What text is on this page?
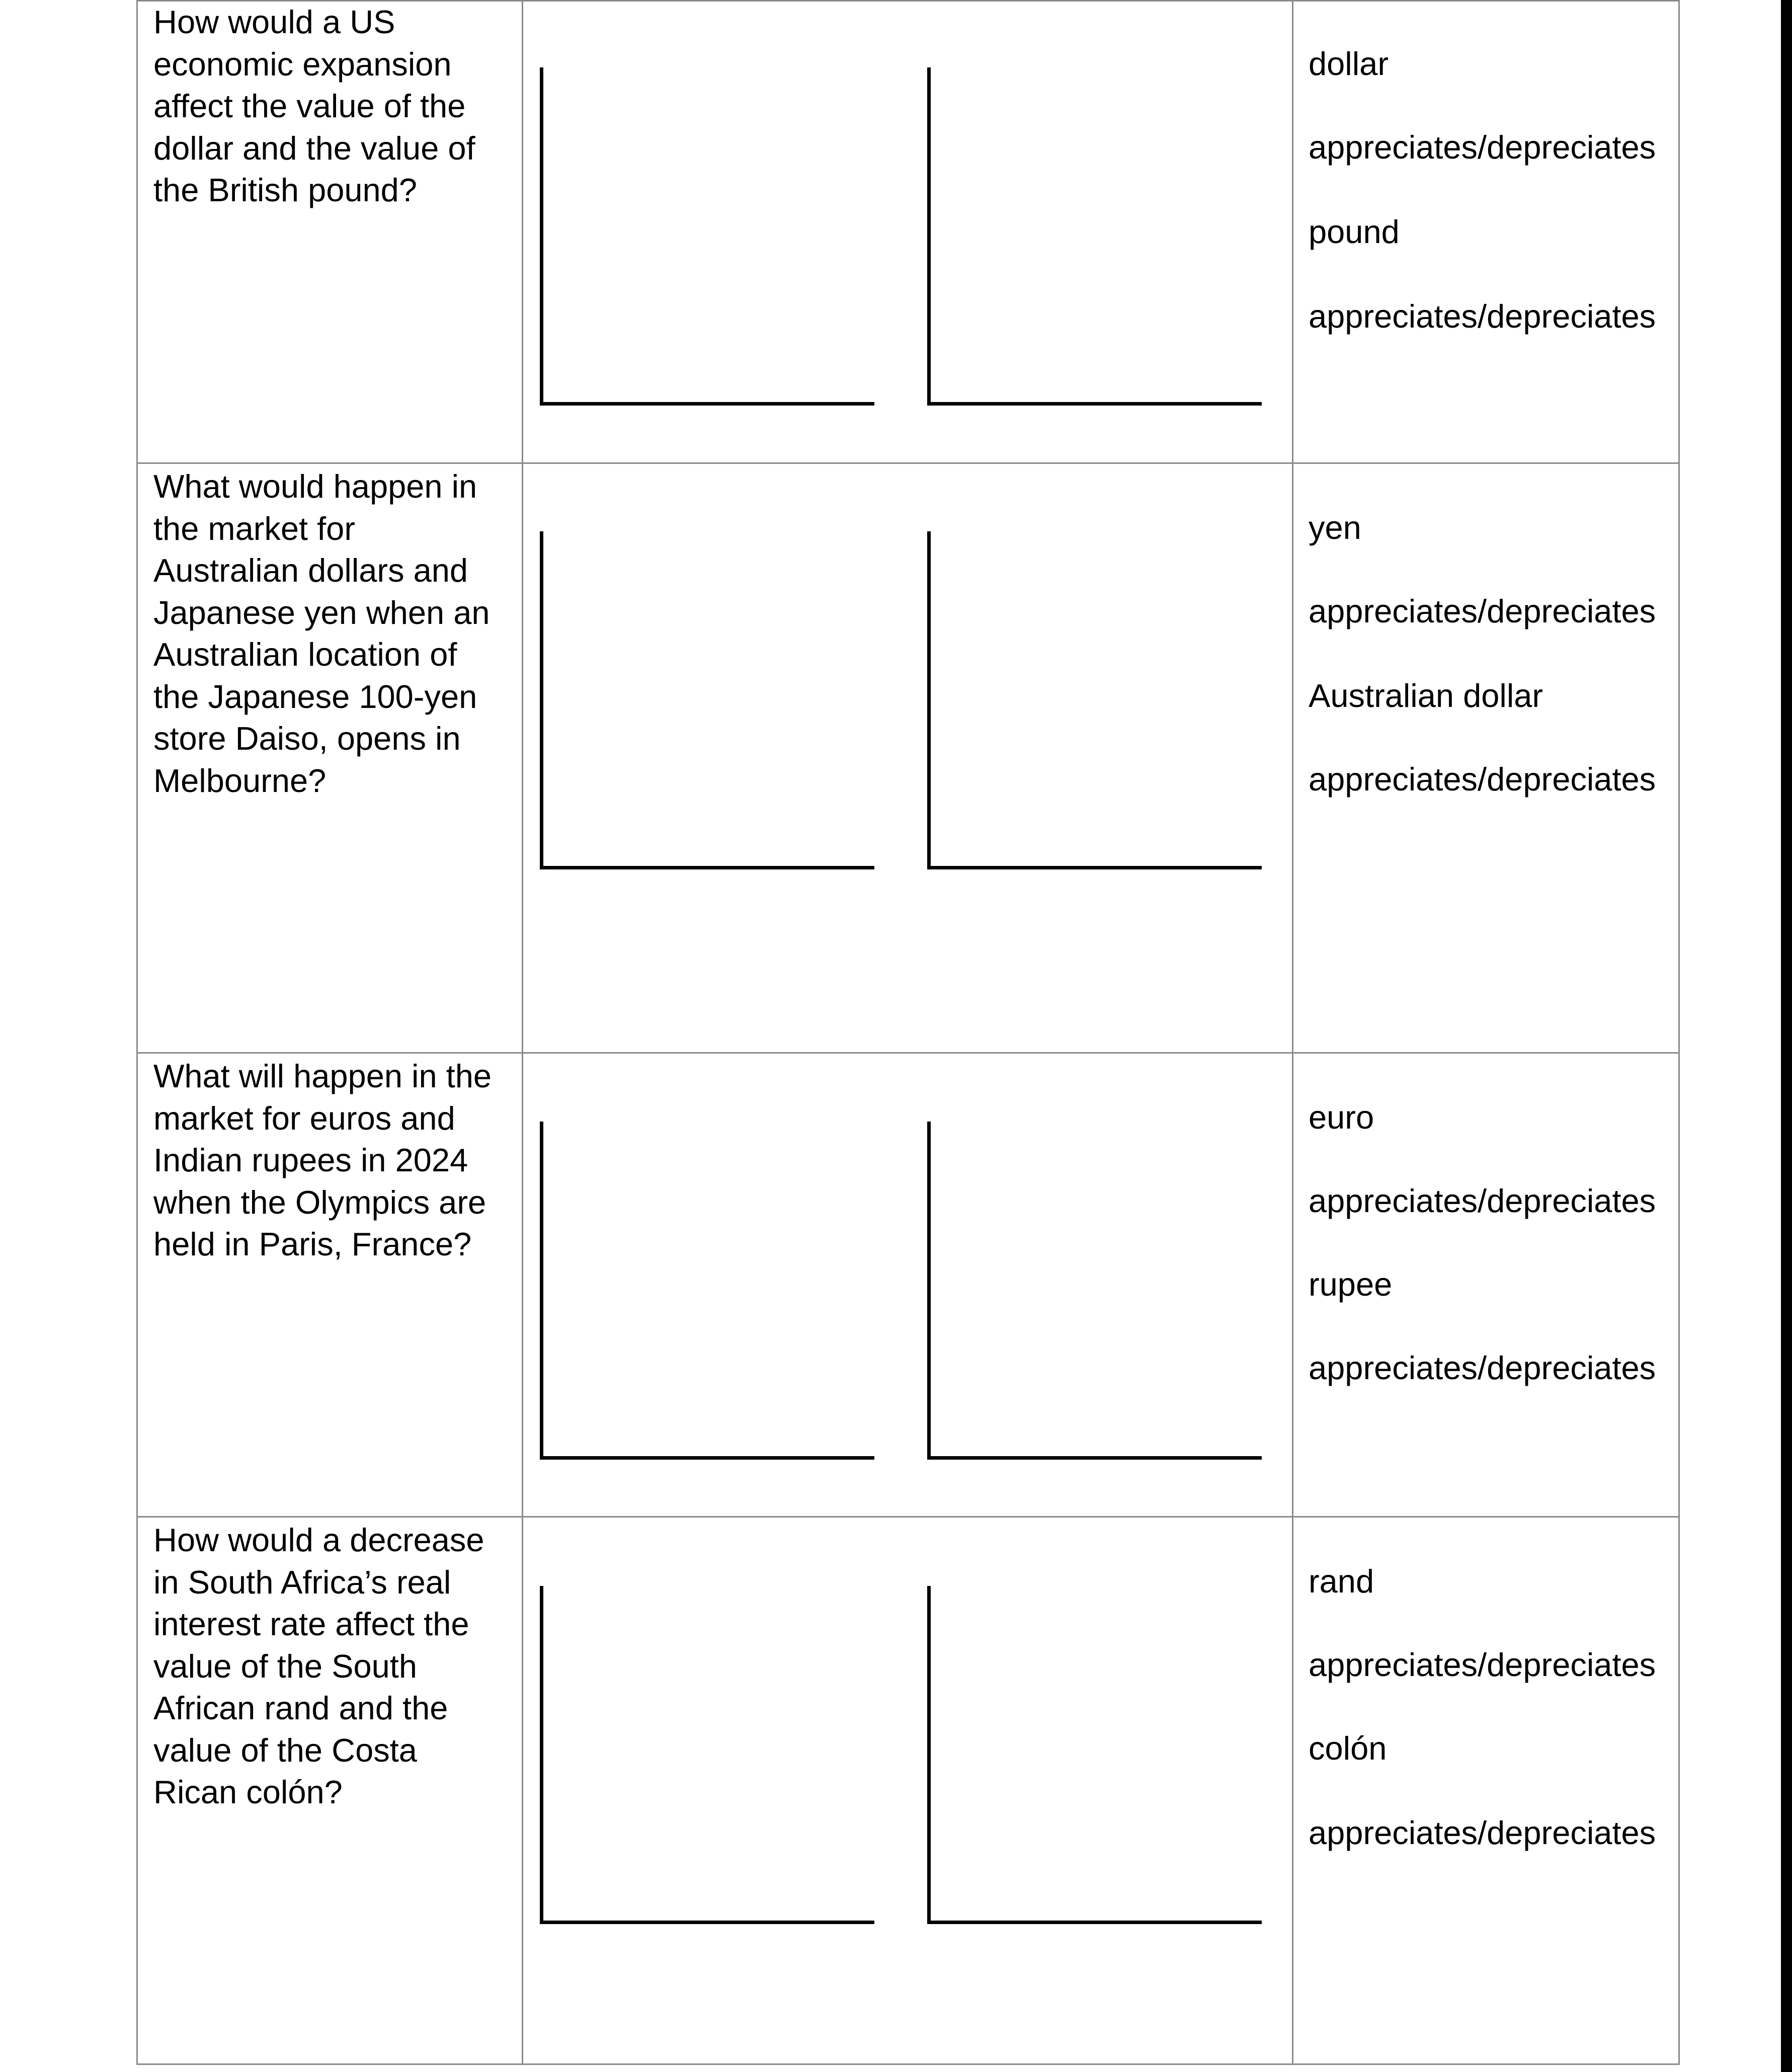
How would a US

economic expansion

affect the value of the

dollar and the value of

the British pound?

dollar
appreciates/depreciates
pound
appreciates/depreciates

What would happen in

the market for

Australian dollars and

Japanese yen when an

Australian location of

the Japanese 100-yen

store Daiso, opens in

Melbourne?

yen
appreciates/depreciates
Australian dollar
appreciates/depreciates

What will happen in the

market for euros and

Indian rupees in 2024

when the Olympics are

held in Paris, France?

euro
appreciates/depreciates
rupee
appreciates/depreciates

How would a decrease

in South Africa’s real

interest rate affect the

value of the South

African rand and the

value of the Costa

Rican colón?

rand
appreciates/depreciates
colón
appreciates/depreciates
